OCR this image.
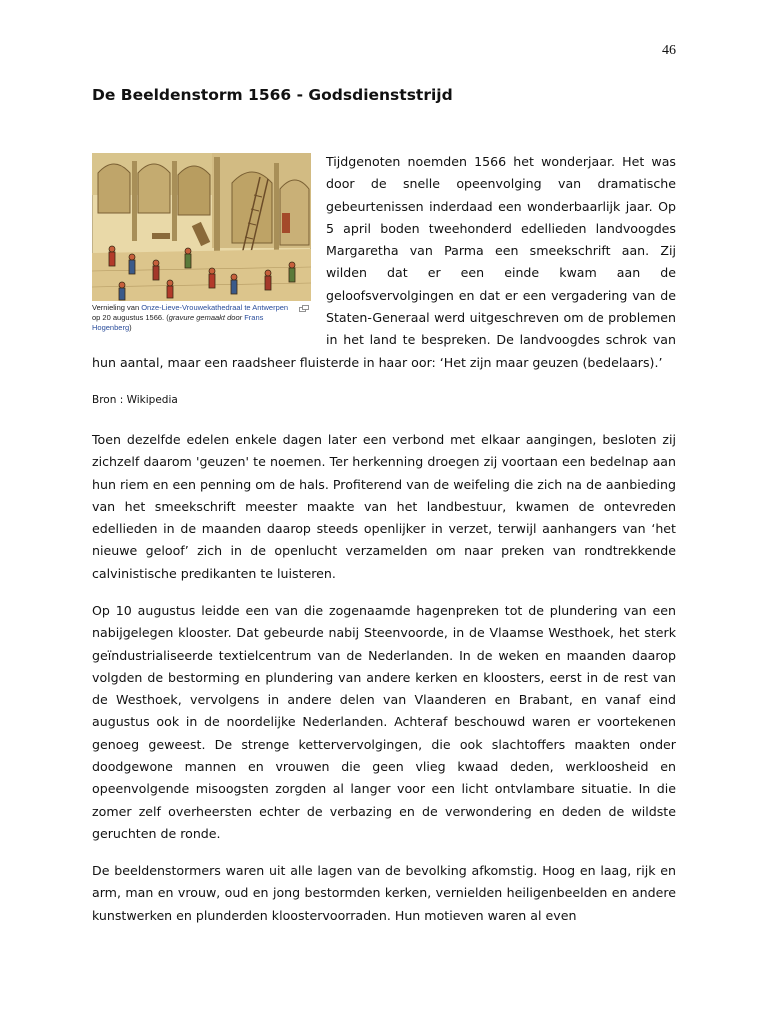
46
De Beeldenstorm 1566 - Godsdienststrijd
Vernieling van Onze-Lieve-Vrouwekathedraal te Antwerpen op 20 augustus 1566. (gravure gemaakt door Frans Hogenberg)
Tijdgenoten noemden 1566 het wonderjaar. Het was door de snelle opeenvolging van dramatische gebeurtenissen inderdaad een wonderbaarlijk jaar. Op 5 april boden tweehonderd edellieden landvoogdes Margaretha van Parma een smeekschrift aan. Zij wilden dat er een einde kwam aan de geloofsvervolgingen en dat er een vergadering van de Staten-Generaal werd uitgeschreven om de problemen in het land te bespreken. De landvoogdes schrok van hun aantal, maar een raadsheer fluisterde in haar oor: ‘Het zijn maar geuzen (bedelaars).’

Bron : Wikipedia

Toen dezelfde edelen enkele dagen later een verbond met elkaar aangingen, besloten zij zichzelf daarom 'geuzen' te noemen. Ter herkenning droegen zij voortaan een bedelnap aan hun riem en een penning om de hals. Profiterend van de weifeling die zich na de aanbieding van het smeekschrift meester maakte van het landbestuur, kwamen de ontevreden edellieden in de maanden daarop steeds openlijker in verzet, terwijl aanhangers van ‘het nieuwe geloof’ zich in de openlucht verzamelden om naar preken van rondtrekkende calvinistische predikanten te luisteren.

Op 10 augustus leidde een van die zogenaamde hagenpreken tot de plundering van een nabijgelegen klooster. Dat gebeurde nabij Steenvoorde, in de Vlaamse Westhoek, het sterk geïndustrialiseerde textielcentrum van de Nederlanden. In de weken en maanden daarop volgden de bestorming en plundering van andere kerken en kloosters, eerst in de rest van de Westhoek, vervolgens in andere delen van Vlaanderen en Brabant, en vanaf eind augustus ook in de noordelijke Nederlanden. Achteraf beschouwd waren er voortekenen genoeg geweest. De strenge kettervervolgingen, die ook slachtoffers maakten onder doodgewone mannen en vrouwen die geen vlieg kwaad deden, werkloosheid en opeenvolgende misoogsten zorgden al langer voor een licht ontvlambare situatie. In die zomer zelf overheersten echter de verbazing en de verwondering en deden de wildste geruchten de ronde.

De beeldenstormers waren uit alle lagen van de bevolking afkomstig. Hoog en laag, rijk en arm, man en vrouw, oud en jong bestormden kerken, vernielden heiligenbeelden en andere kunstwerken en plunderden kloostervoorraden. Hun motieven waren al even
